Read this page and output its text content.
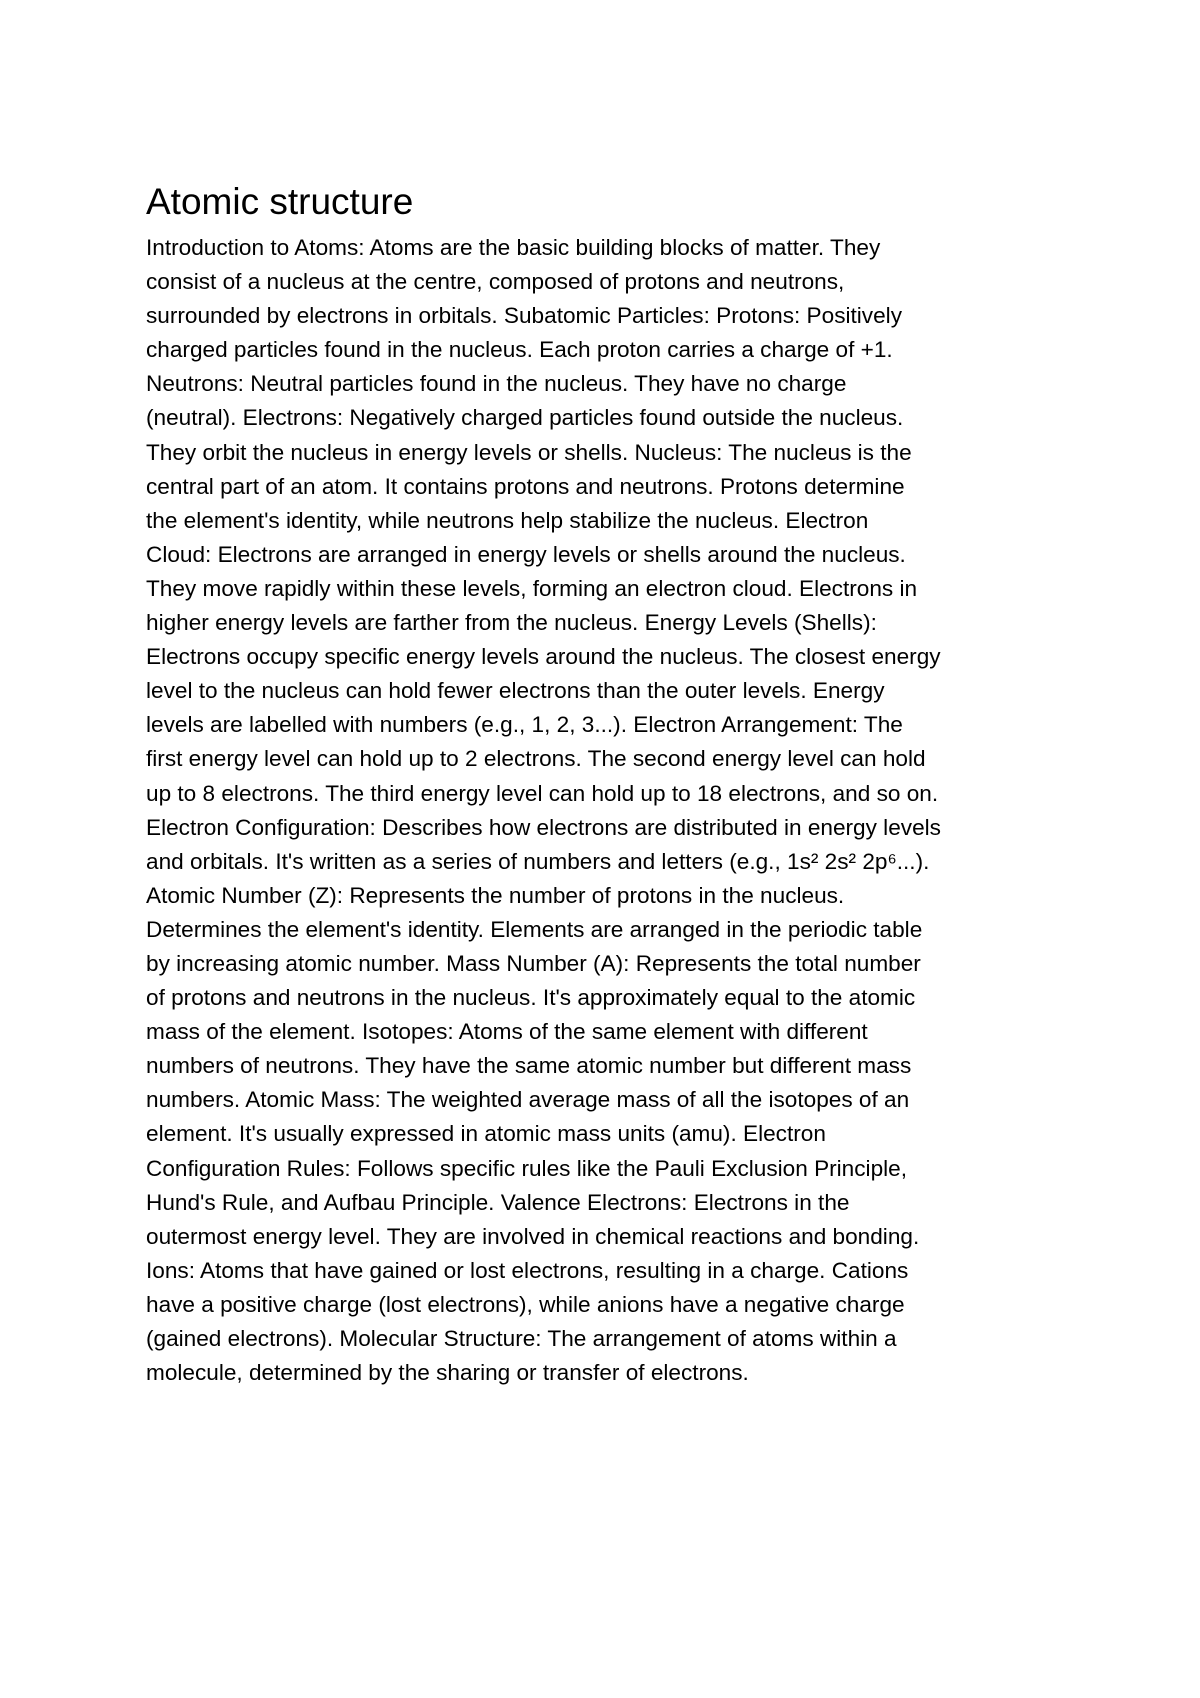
Atomic structure
Introduction to Atoms: Atoms are the basic building blocks of matter. They
consist of a nucleus at the centre, composed of protons and neutrons,
surrounded by electrons in orbitals. Subatomic Particles: Protons: Positively
charged particles found in the nucleus. Each proton carries a charge of +1.
Neutrons: Neutral particles found in the nucleus. They have no charge
(neutral). Electrons: Negatively charged particles found outside the nucleus.
They orbit the nucleus in energy levels or shells. Nucleus: The nucleus is the
central part of an atom. It contains protons and neutrons. Protons determine
the element's identity, while neutrons help stabilize the nucleus. Electron
Cloud: Electrons are arranged in energy levels or shells around the nucleus.
They move rapidly within these levels, forming an electron cloud. Electrons in
higher energy levels are farther from the nucleus. Energy Levels (Shells):
Electrons occupy specific energy levels around the nucleus. The closest energy
level to the nucleus can hold fewer electrons than the outer levels. Energy
levels are labelled with numbers (e.g., 1, 2, 3...). Electron Arrangement: The
first energy level can hold up to 2 electrons. The second energy level can hold
up to 8 electrons. The third energy level can hold up to 18 electrons, and so on.
Electron Configuration: Describes how electrons are distributed in energy levels
and orbitals. It's written as a series of numbers and letters (e.g., 1s² 2s² 2p⁶...).
Atomic Number (Z): Represents the number of protons in the nucleus.
Determines the element's identity. Elements are arranged in the periodic table
by increasing atomic number. Mass Number (A): Represents the total number
of protons and neutrons in the nucleus. It's approximately equal to the atomic
mass of the element. Isotopes: Atoms of the same element with different
numbers of neutrons. They have the same atomic number but different mass
numbers. Atomic Mass: The weighted average mass of all the isotopes of an
element. It's usually expressed in atomic mass units (amu). Electron
Configuration Rules: Follows specific rules like the Pauli Exclusion Principle,
Hund's Rule, and Aufbau Principle. Valence Electrons: Electrons in the
outermost energy level. They are involved in chemical reactions and bonding.
Ions: Atoms that have gained or lost electrons, resulting in a charge. Cations
have a positive charge (lost electrons), while anions have a negative charge
(gained electrons). Molecular Structure: The arrangement of atoms within a
molecule, determined by the sharing or transfer of electrons.
